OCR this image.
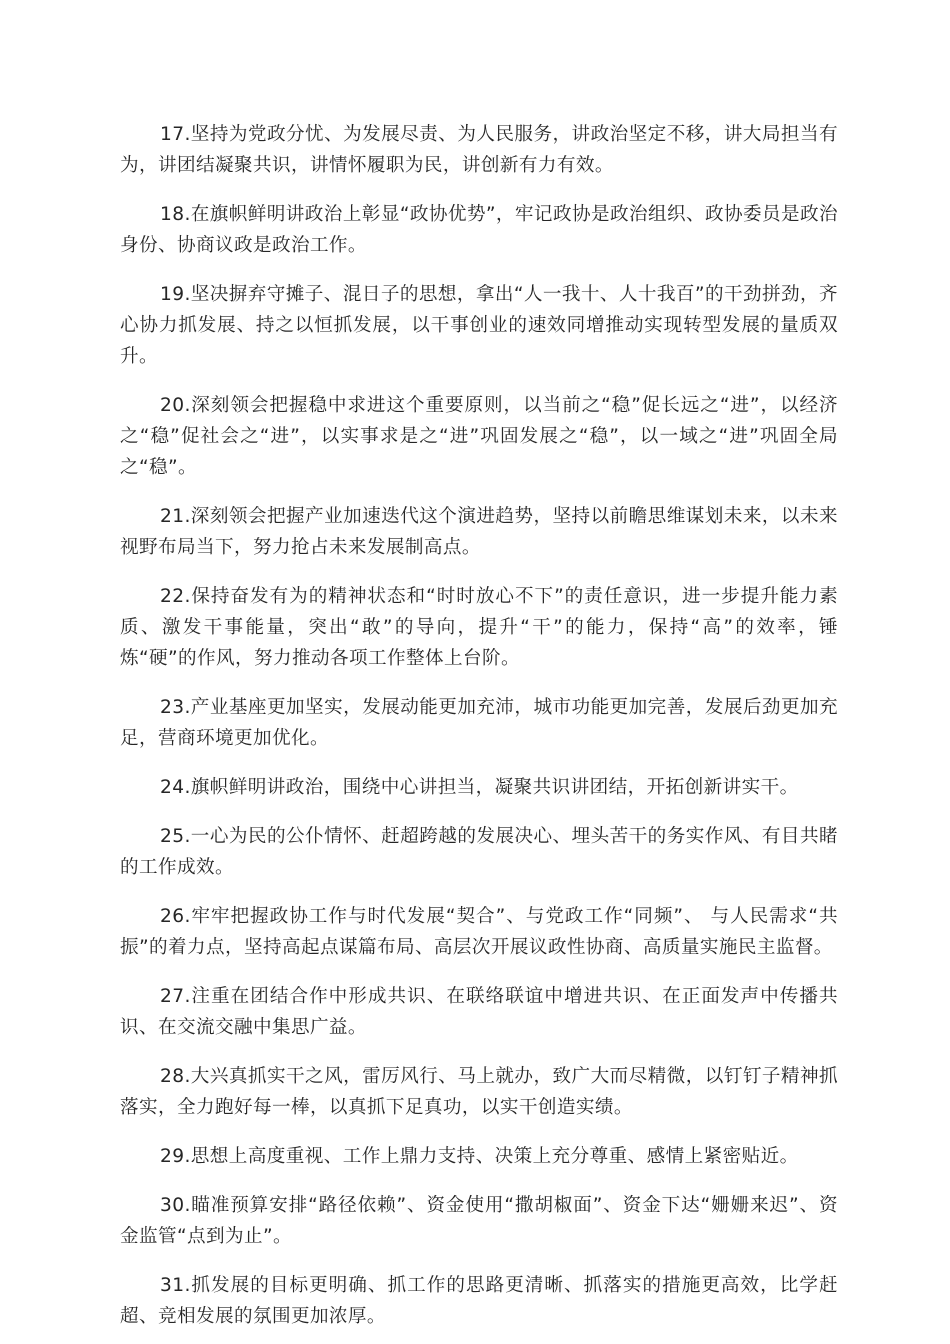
17.坚持为党政分忧、为发展尽责、为人民服务，讲政治坚定不移，讲大局担当有为，讲团结凝聚共识，讲情怀履职为民，讲创新有力有效。

18.在旗帜鲜明讲政治上彰显“政协优势”，牢记政协是政治组织、政协委员是政治身份、协商议政是政治工作。

19.坚决摒弃守摊子、混日子的思想，拿出“人一我十、人十我百”的干劲拼劲，齐心协力抓发展、持之以恒抓发展，以干事创业的速效同增推动实现转型发展的量质双升。

20.深刻领会把握稳中求进这个重要原则，以当前之“稳”促长远之“进”，以经济之“稳”促社会之“进”，以实事求是之“进”巩固发展之“稳”，以一域之“进”巩固全局之“稳”。

21.深刻领会把握产业加速迭代这个演进趋势，坚持以前瞻思维谋划未来，以未来视野布局当下，努力抢占未来发展制高点。

22.保持奋发有为的精神状态和“时时放心不下”的责任意识，进一步提升能力素质、激发干事能量，突出“敢”的导向，提升“干”的能力，保持“高”的效率，锤炼“硬”的作风，努力推动各项工作整体上台阶。

23.产业基座更加坚实，发展动能更加充沛，城市功能更加完善，发展后劲更加充足，营商环境更加优化。

24.旗帜鲜明讲政治，围绕中心讲担当，凝聚共识讲团结，开拓创新讲实干。

25.一心为民的公仆情怀、赶超跨越的发展决心、埋头苦干的务实作风、有目共睹的工作成效。

26.牢牢把握政协工作与时代发展“契合”、与党政工作“同频”、 与人民需求“共振”的着力点，坚持高起点谋篇布局、高层次开展议政性协商、高质量实施民主监督。

27.注重在团结合作中形成共识、在联络联谊中增进共识、在正面发声中传播共识、在交流交融中集思广益。

28.大兴真抓实干之风，雷厉风行、马上就办，致广大而尽精微，以钉钉子精神抓落实，全力跑好每一棒，以真抓下足真功，以实干创造实绩。

29.思想上高度重视、工作上鼎力支持、决策上充分尊重、感情上紧密贴近。

30.瞄准预算安排“路径依赖”、资金使用“撒胡椒面”、资金下达“姗姗来迟”、资金监管“点到为止”。

31.抓发展的目标更明确、抓工作的思路更清晰、抓落实的措施更高效，比学赶超、竞相发展的氛围更加浓厚。
